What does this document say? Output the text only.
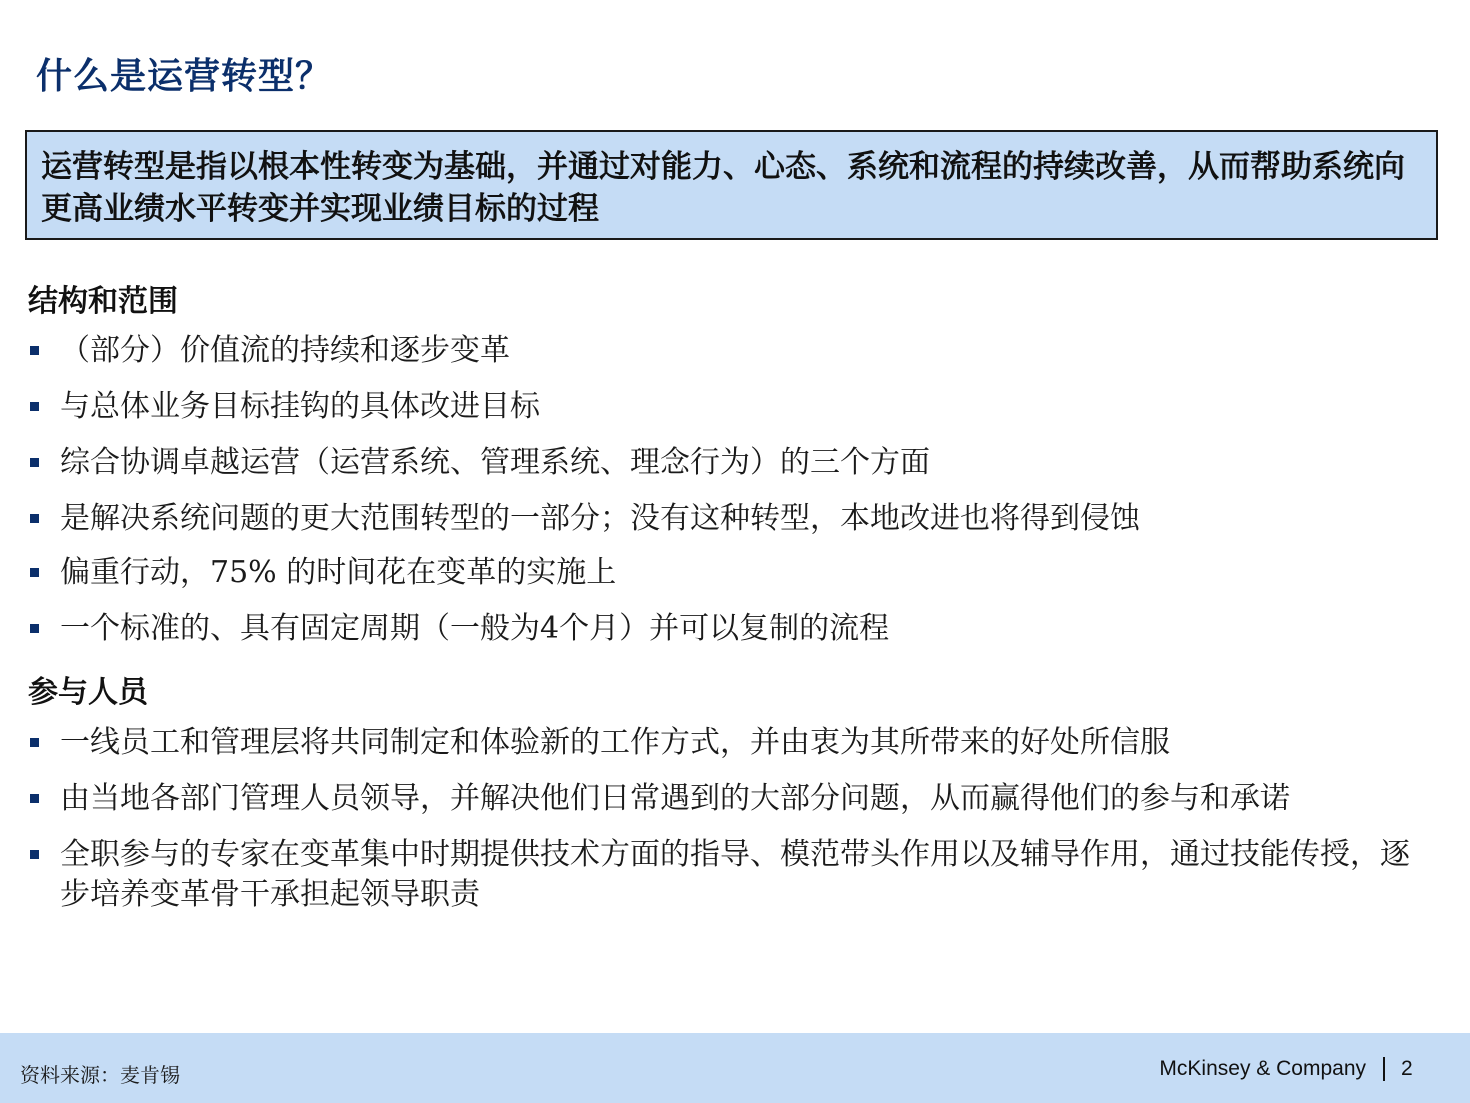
什么是运营转型？
运营转型是指以根本性转变为基础，并通过对能力、心态、系统和流程的持续改善，从而帮助系统向更高业绩水平转变并实现业绩目标的过程
结构和范围
（部分）价值流的持续和逐步变革
与总体业务目标挂钩的具体改进目标
综合协调卓越运营（运营系统、管理系统、理念行为）的三个方面
是解决系统问题的更大范围转型的一部分；没有这种转型，本地改进也将得到侵蚀
偏重行动，75% 的时间花在变革的实施上
一个标准的、具有固定周期（一般为4个月）并可以复制的流程
参与人员
一线员工和管理层将共同制定和体验新的工作方式，并由衷为其所带来的好处所信服
由当地各部门管理人员领导，并解决他们日常遇到的大部分问题，从而赢得他们的参与和承诺
全职参与的专家在变革集中时期提供技术方面的指导、模范带头作用以及辅导作用，通过技能传授，逐步培养变革骨干承担起领导职责
资料来源：麦肯锡	McKinsey & Company 2
